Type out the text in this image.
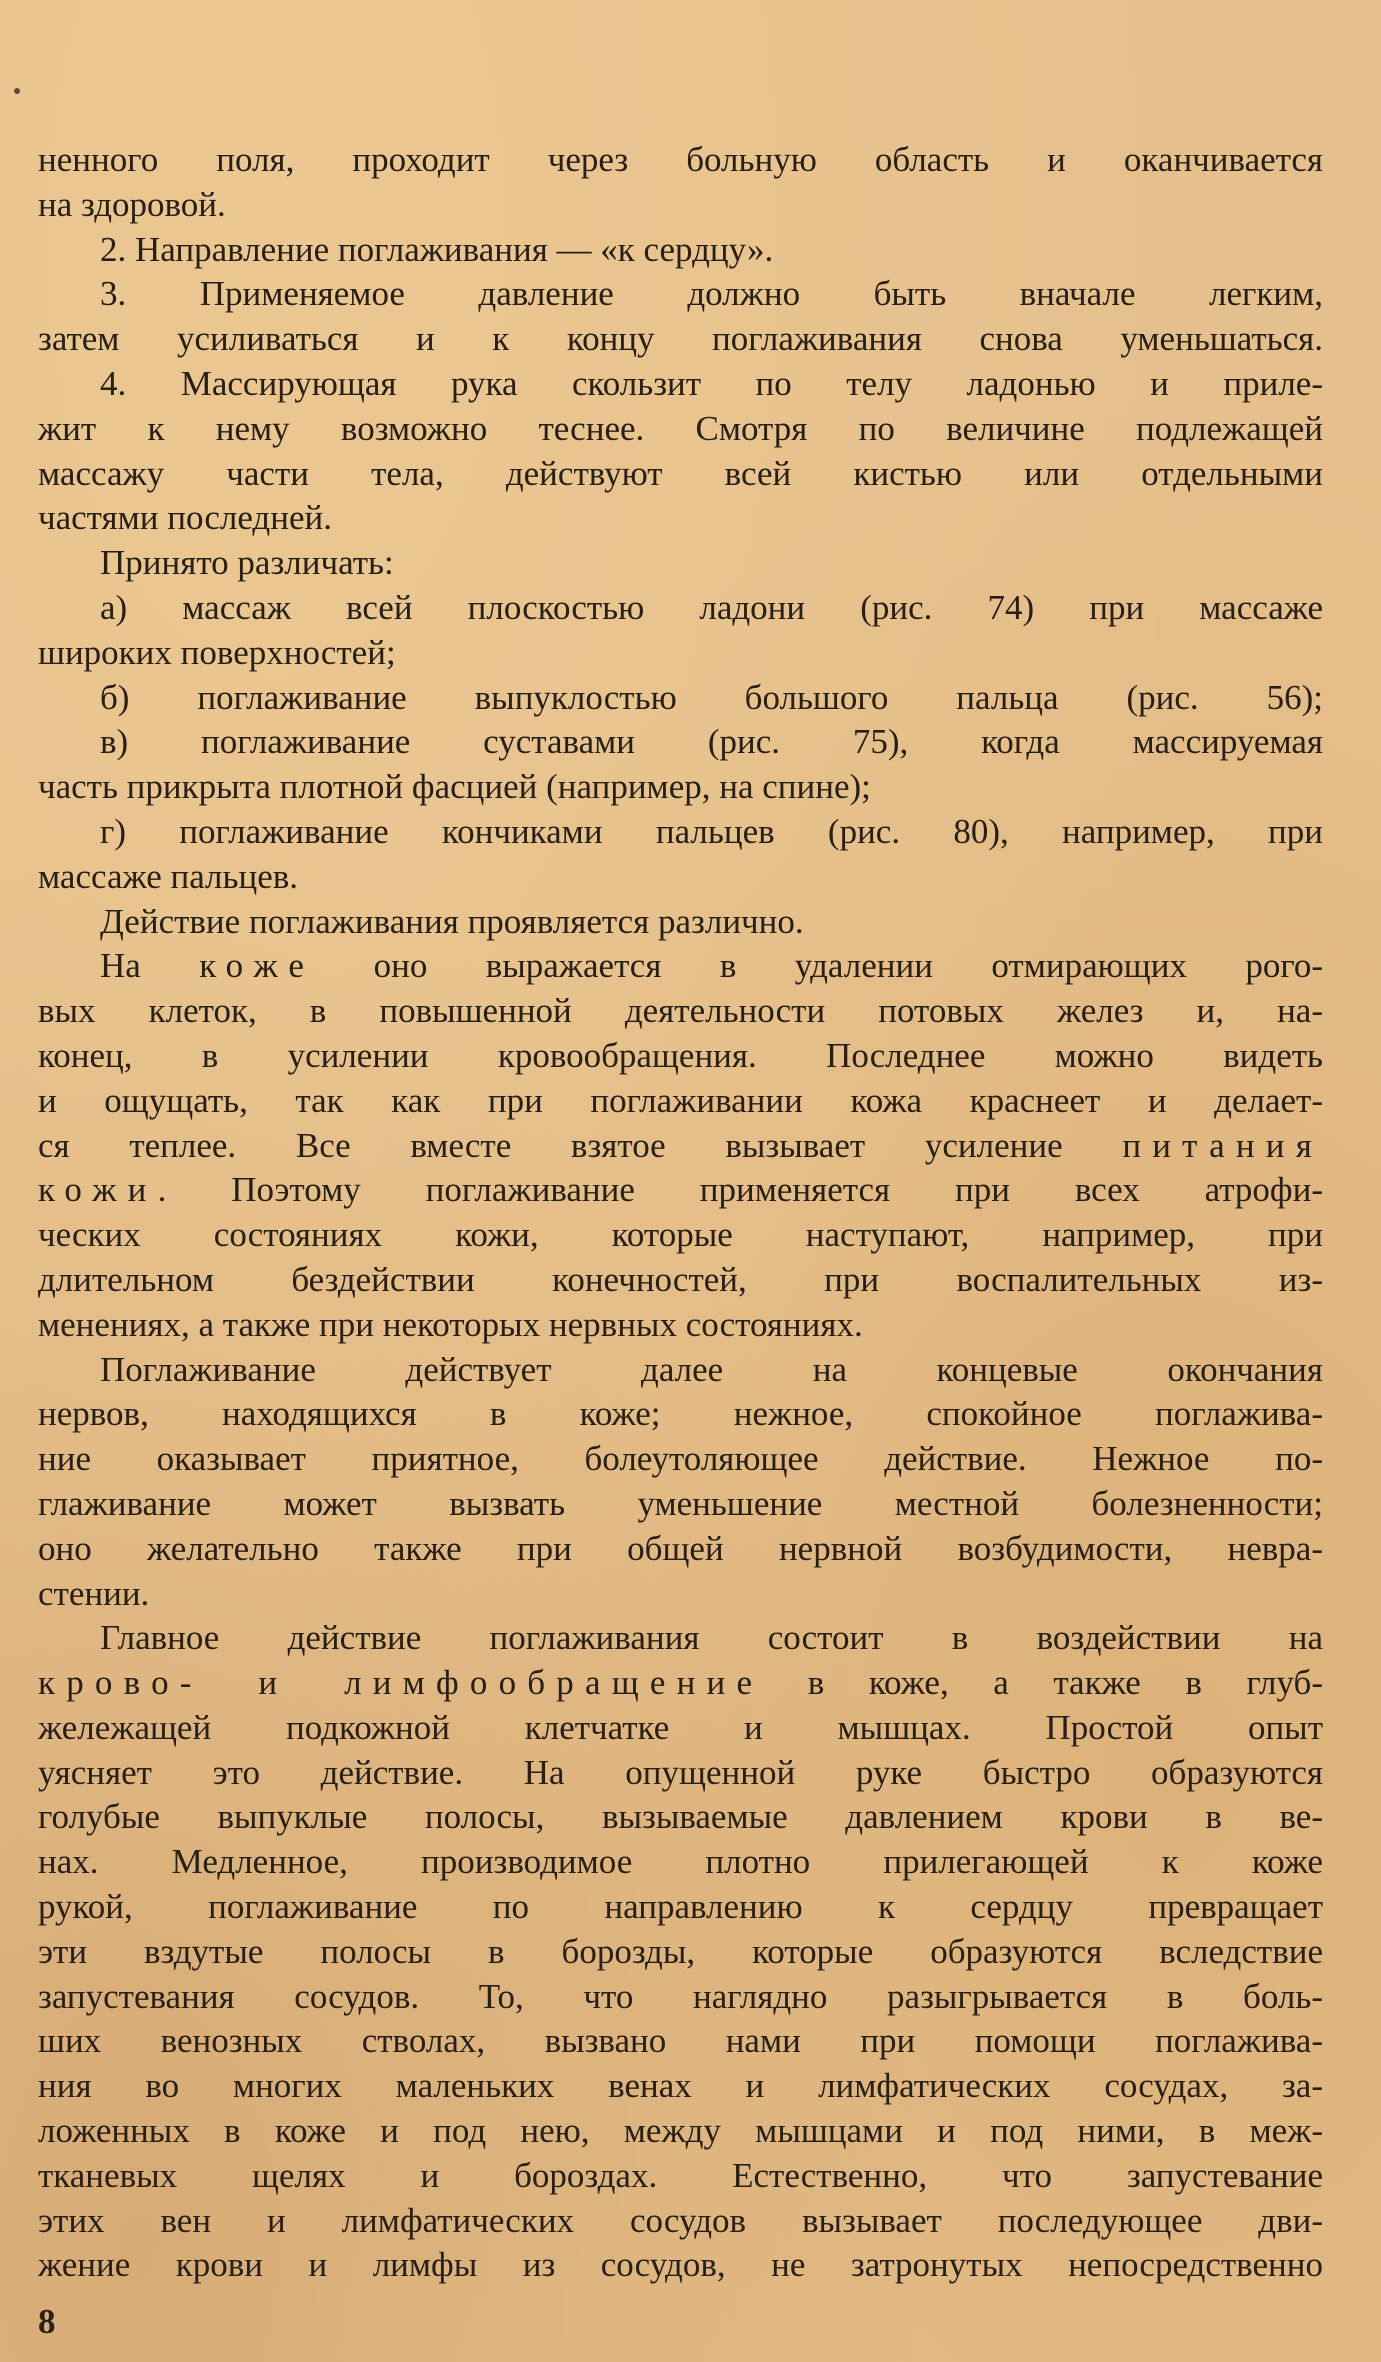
ненного поля, проходит через больную область и оканчивается
на здоровой.
2. Направление поглаживания — «к сердцу».
3. Применяемое давление должно быть вначале легким,
затем усиливаться и к концу поглаживания снова уменьшаться.
4. Массирующая рука скользит по телу ладонью и приле-
жит к нему возможно теснее. Смотря по величине подлежащей
массажу части тела, действуют всей кистью или отдельными
частями последней.
Принято различать:
а) массаж всей плоскостью ладони (рис. 74) при массаже
широких поверхностей;
б) поглаживание выпуклостью большого пальца (рис. 56);
в) поглаживание суставами (рис. 75), когда массируемая
часть прикрыта плотной фасцией (например, на спине);
г) поглаживание кончиками пальцев (рис. 80), например, при
массаже пальцев.
Действие поглаживания проявляется различно.
На коже оно выражается в удалении отмирающих рого-
вых клеток, в повышенной деятельности потовых желез и, на-
конец, в усилении кровообращения. Последнее можно видеть
и ощущать, так как при поглаживании кожа краснеет и делает-
ся теплее. Все вместе взятое вызывает усиление питания
кожи. Поэтому поглаживание применяется при всех атрофи-
ческих состояниях кожи, которые наступают, например, при
длительном бездействии конечностей, при воспалительных из-
менениях, а также при некоторых нервных состояниях.
Поглаживание действует далее на концевые окончания
нервов, находящихся в коже; нежное, спокойное поглажива-
ние оказывает приятное, болеутоляющее действие. Нежное по-
глаживание может вызвать уменьшение местной болезненности;
оно желательно также при общей нервной возбудимости, невра-
стении.
Главное действие поглаживания состоит в воздействии на
крово- и лимфообращение в коже, а также в глуб-
жележащей подкожной клетчатке и мышцах. Простой опыт
уясняет это действие. На опущенной руке быстро образуются
голубые выпуклые полосы, вызываемые давлением крови в ве-
нах. Медленное, производимое плотно прилегающей к коже
рукой, поглаживание по направлению к сердцу превращает
эти вздутые полосы в борозды, которые образуются вследствие
запустевания сосудов. То, что наглядно разыгрывается в боль-
ших венозных стволах, вызвано нами при помощи поглажива-
ния во многих маленьких венах и лимфатических сосудах, за-
ложенных в коже и под нею, между мышцами и под ними, в меж-
тканевых щелях и бороздах. Естественно, что запустевание
этих вен и лимфатических сосудов вызывает последующее дви-
жение крови и лимфы из сосудов, не затронутых непосредственно
8
